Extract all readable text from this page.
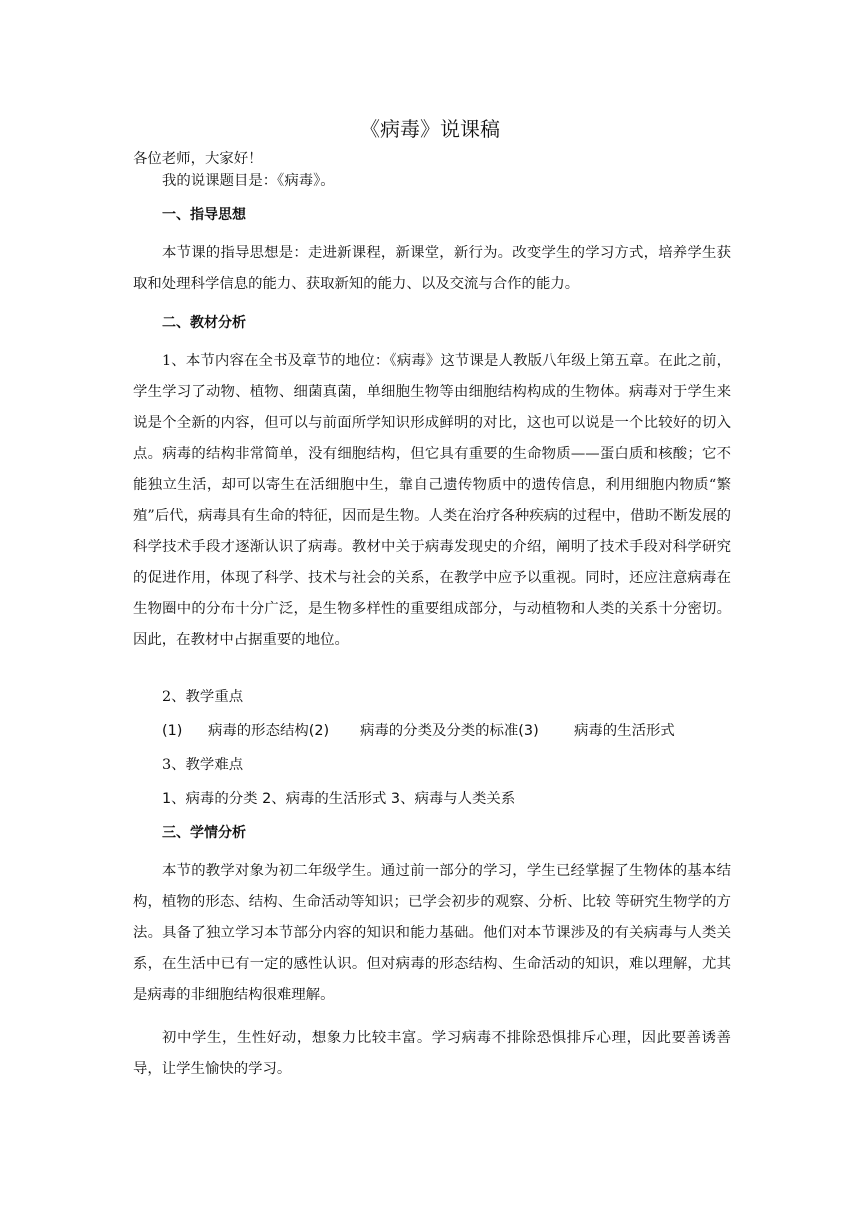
《病毒》说课稿
各位老师，大家好！
我的说课题目是：《病毒》。
一、指导思想

本节课的指导思想是：走进新课程，新课堂，新行为。改变学生的学习方式，培养学生获取和处理科学信息的能力、获取新知的能力、以及交流与合作的能力。

二、教材分析

1、本节内容在全书及章节的地位：《病毒》这节课是人教版八年级上第五章。在此之前，学生学习了动物、植物、细菌真菌，单细胞生物等由细胞结构构成的生物体。病毒对于学生来说是个全新的内容，但可以与前面所学知识形成鲜明的对比，这也可以说是一个比较好的切入点。病毒的结构非常简单，没有细胞结构，但它具有重要的生命物质——蛋白质和核酸；它不能独立生活，却可以寄生在活细胞中生，靠自己遗传物质中的遗传信息，利用细胞内物质“繁殖”后代，病毒具有生命的特征，因而是生物。人类在治疗各种疾病的过程中，借助不断发展的科学技术手段才逐渐认识了病毒。教材中关于病毒发现史的介绍，阐明了技术手段对科学研究的促进作用，体现了科学、技术与社会的关系，在教学中应予以重视。同时，还应注意病毒在生物圈中的分布十分广泛，是生物多样性的重要组成部分，与动植物和人类的关系十分密切。因此，在教材中占据重要的地位。

2、教学重点
(1) 病毒的形态结构(2) 病毒的分类及分类的标准(3) 病毒的生活形式
3、教学难点
1、病毒的分类 2、病毒的生活形式 3、病毒与人类关系
三、学情分析

本节的教学对象为初二年级学生。通过前一部分的学习，学生已经掌握了生物体的基本结构，植物的形态、结构、生命活动等知识；已学会初步的观察、分析、比较 等研究生物学的方法。具备了独立学习本节部分内容的知识和能力基础。他们对本节课涉及的有关病毒与人类关系，在生活中已有一定的感性认识。但对病毒的形态结构、生命活动的知识，难以理解，尤其是病毒的非细胞结构很难理解。

初中学生，生性好动，想象力比较丰富。学习病毒不排除恐惧排斥心理，因此要善诱善导，让学生愉快的学习。
